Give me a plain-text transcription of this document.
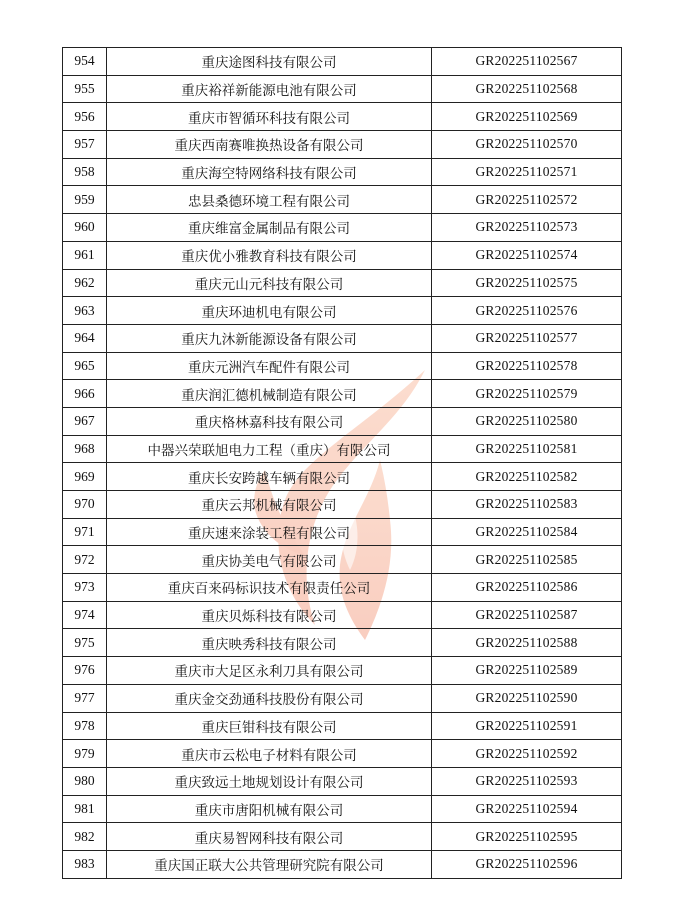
954	重庆途图科技有限公司	GR202251102567
955	重庆裕祥新能源电池有限公司	GR202251102568
956	重庆市智循环科技有限公司	GR202251102569
957	重庆西南赛唯换热设备有限公司	GR202251102570
958	重庆海空特网络科技有限公司	GR202251102571
959	忠县桑德环境工程有限公司	GR202251102572
960	重庆维富金属制品有限公司	GR202251102573
961	重庆优小雅教育科技有限公司	GR202251102574
962	重庆元山元科技有限公司	GR202251102575
963	重庆环迪机电有限公司	GR202251102576
964	重庆九沐新能源设备有限公司	GR202251102577
965	重庆元洲汽车配件有限公司	GR202251102578
966	重庆润汇德机械制造有限公司	GR202251102579
967	重庆格林嘉科技有限公司	GR202251102580
968	中器兴荣联旭电力工程（重庆）有限公司	GR202251102581
969	重庆长安跨越车辆有限公司	GR202251102582
970	重庆云邦机械有限公司	GR202251102583
971	重庆速来涂装工程有限公司	GR202251102584
972	重庆协美电气有限公司	GR202251102585
973	重庆百来码标识技术有限责任公司	GR202251102586
974	重庆贝烁科技有限公司	GR202251102587
975	重庆映秀科技有限公司	GR202251102588
976	重庆市大足区永利刀具有限公司	GR202251102589
977	重庆金交劲通科技股份有限公司	GR202251102590
978	重庆巨钳科技有限公司	GR202251102591
979	重庆市云松电子材料有限公司	GR202251102592
980	重庆致远土地规划设计有限公司	GR202251102593
981	重庆市唐阳机械有限公司	GR202251102594
982	重庆易智网科技有限公司	GR202251102595
983	重庆国正联大公共管理研究院有限公司	GR202251102596
